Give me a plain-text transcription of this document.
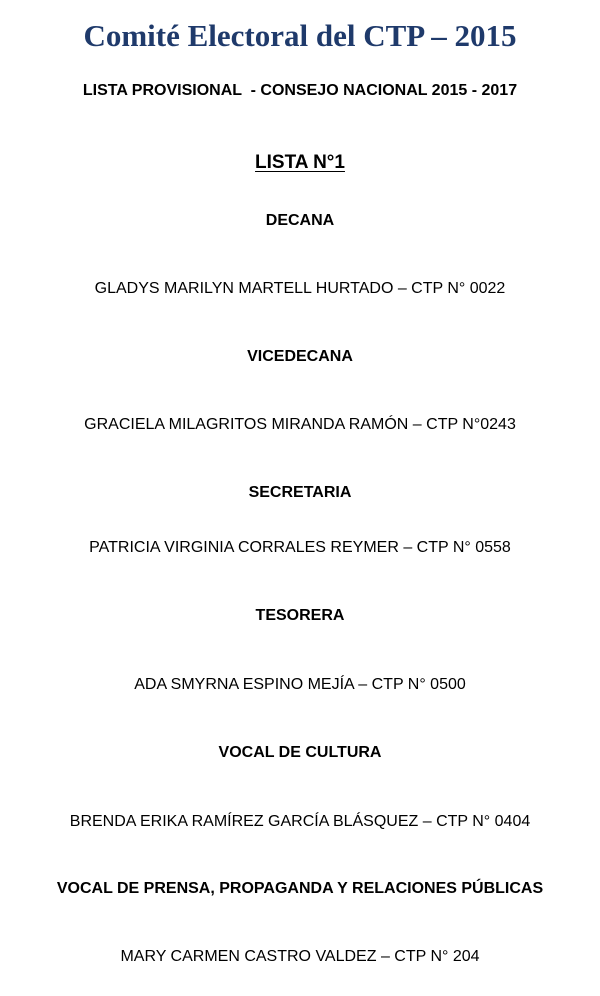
Comité Electoral del CTP – 2015
LISTA PROVISIONAL  - CONSEJO NACIONAL 2015 - 2017
LISTA N°1
DECANA
GLADYS MARILYN MARTELL HURTADO – CTP N° 0022
VICEDECANA
GRACIELA MILAGRITOS MIRANDA RAMÓN – CTP N°0243
SECRETARIA
PATRICIA VIRGINIA CORRALES REYMER – CTP N° 0558
TESORERA
ADA SMYRNA ESPINO MEJÍA – CTP N° 0500
VOCAL DE CULTURA
BRENDA ERIKA RAMÍREZ GARCÍA BLÁSQUEZ – CTP N° 0404
VOCAL DE PRENSA, PROPAGANDA Y RELACIONES PÚBLICAS
MARY CARMEN CASTRO VALDEZ – CTP N° 204
